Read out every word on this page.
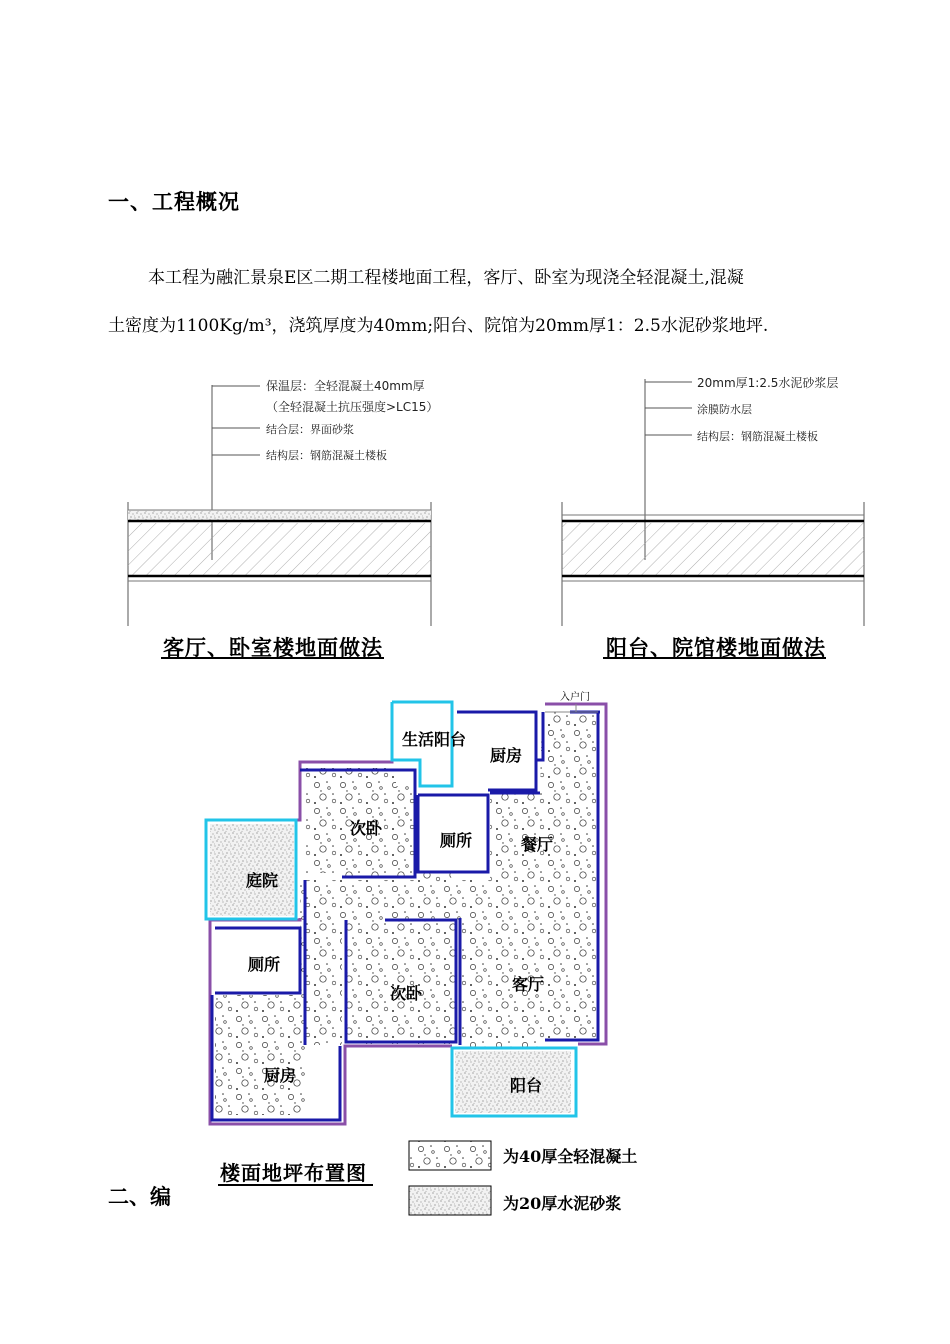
一、工程概况
本工程为融汇景泉E区二期工程楼地面工程，客厅、卧室为现浇全轻混凝土,混凝
土密度为1100Kg/m³，浇筑厚度为40mm;阳台、院馆为20mm厚1：2.5水泥砂浆地坪.
保温层：全轻混凝土40mm厚
（全轻混凝土抗压强度>LC15）
结合层：界面砂浆
结构层：钢筋混凝土楼板
客厅、卧室楼地面做法
20mm厚1:2.5水泥砂浆层
涂膜防水层
结构层：钢筋混凝土楼板
阳台、院馆楼地面做法
入户门
生活阳台
厨房
次卧
厕所	餐厅
庭院
厕所
次卧	客厅
厨房
阳台
楼面地坪布置图
为40厚全轻混凝土
为20厚水泥砂浆
二、编
